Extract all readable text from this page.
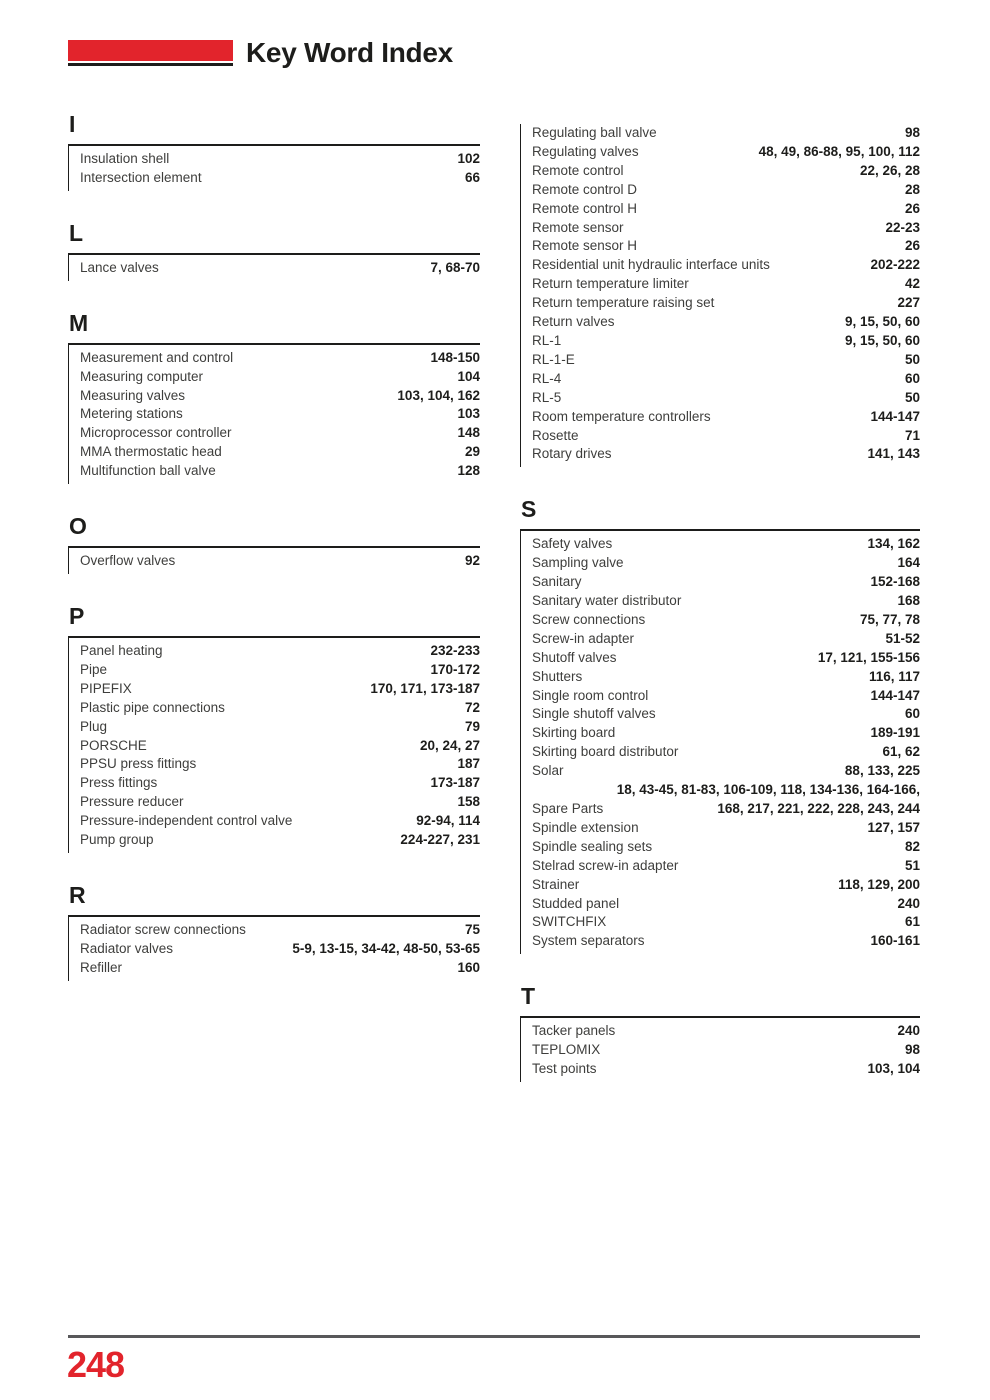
Key Word Index
I
Insulation shell	102
Intersection element	66
L
Lance valves	7, 68-70
M
Measurement and control	148-150
Measuring computer	104
Measuring valves	103, 104, 162
Metering stations	103
Microprocessor controller	148
MMA thermostatic head	29
Multifunction ball valve	128
O
Overflow valves	92
P
Panel heating	232-233
Pipe	170-172
PIPEFIX	170, 171, 173-187
Plastic pipe connections	72
Plug	79
PORSCHE	20, 24, 27
PPSU press fittings	187
Press fittings	173-187
Pressure reducer	158
Pressure-independent control valve	92-94, 114
Pump group	224-227, 231
R
Radiator screw connections	75
Radiator valves	5-9, 13-15, 34-42, 48-50, 53-65
Refiller	160
Regulating ball valve	98
Regulating valves	48, 49, 86-88, 95, 100, 112
Remote control	22, 26, 28
Remote control D	28
Remote control H	26
Remote sensor	22-23
Remote sensor H	26
Residential unit hydraulic interface units	202-222
Return temperature limiter	42
Return temperature raising set	227
Return valves	9, 15, 50, 60
RL-1	9, 15, 50, 60
RL-1-E	50
RL-4	60
RL-5	50
Room temperature controllers	144-147
Rosette	71
Rotary drives	141, 143
S
Safety valves	134, 162
Sampling valve	164
Sanitary	152-168
Sanitary water distributor	168
Screw connections	75, 77, 78
Screw-in adapter	51-52
Shutoff valves	17, 121, 155-156
Shutters	116, 117
Single room control	144-147
Single shutoff valves	60
Skirting board	189-191
Skirting board distributor	61, 62
Solar	88, 133, 225
18, 43-45, 81-83, 106-109, 118, 134-136, 164-166,
Spare Parts	168, 217, 221, 222, 228, 243, 244
Spindle extension	127, 157
Spindle sealing sets	82
Stelrad screw-in adapter	51
Strainer	118, 129, 200
Studded panel	240
SWITCHFIX	61
System separators	160-161
T
Tacker panels	240
TEPLOMIX	98
Test points	103, 104
248
